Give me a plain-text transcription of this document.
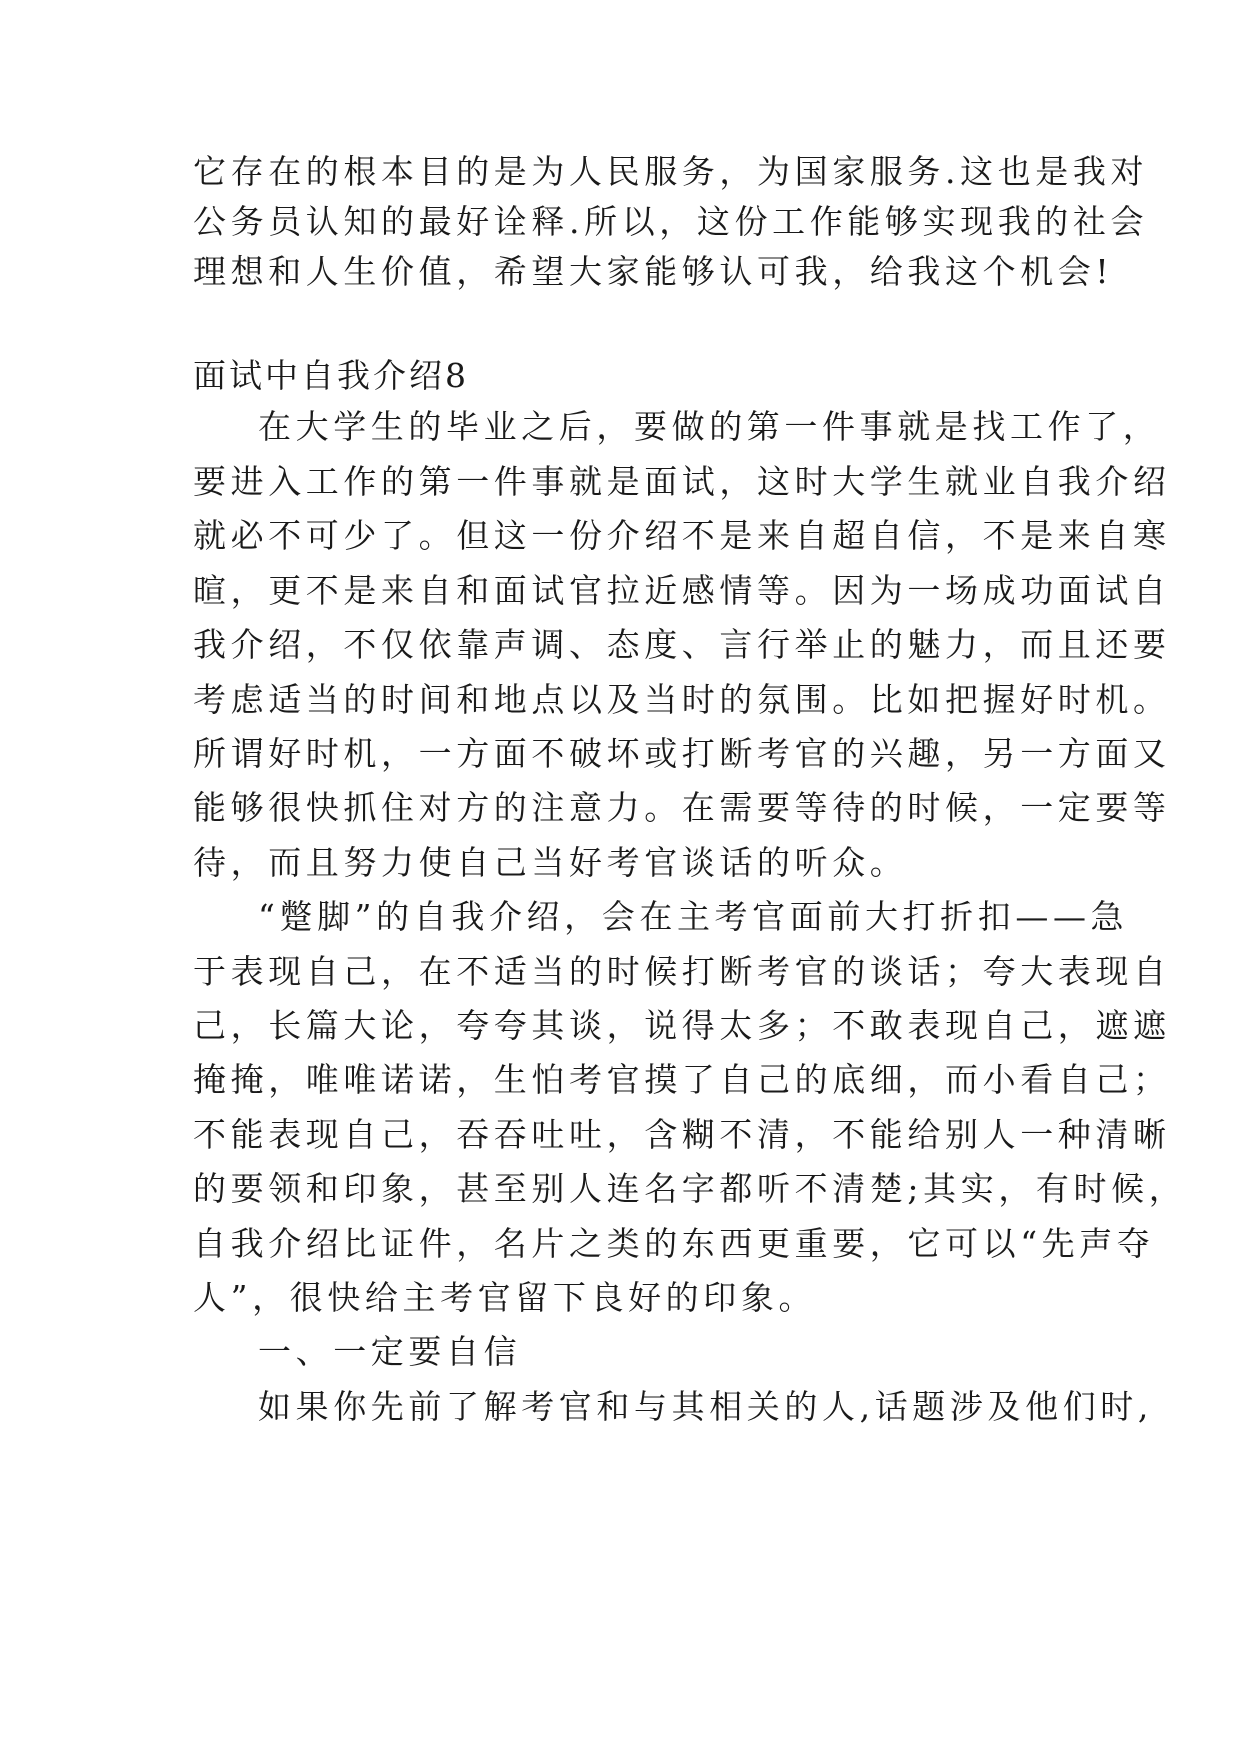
它存在的根本目的是为人民服务，为国家服务.这也是我对

公务员认知的最好诠释.所以，这份工作能够实现我的社会

理想和人生价值，希望大家能够认可我，给我这个机会!

面试中自我介绍8

在大学生的毕业之后，要做的第一件事就是找工作了，

要进入工作的第一件事就是面试，这时大学生就业自我介绍

就必不可少了。但这一份介绍不是来自超自信，不是来自寒

暄，更不是来自和面试官拉近感情等。因为一场成功面试自

我介绍，不仅依靠声调、态度、言行举止的魅力，而且还要

考虑适当的时间和地点以及当时的氛围。比如把握好时机。

所谓好时机，一方面不破坏或打断考官的兴趣，另一方面又

能够很快抓住对方的注意力。在需要等待的时候，一定要等

待，而且努力使自己当好考官谈话的听众。

“蹩脚”的自我介绍，会在主考官面前大打折扣——急

于表现自己，在不适当的时候打断考官的谈话；夸大表现自

己，长篇大论，夸夸其谈，说得太多；不敢表现自己，遮遮

掩掩，唯唯诺诺，生怕考官摸了自己的底细，而小看自己；

不能表现自己，吞吞吐吐，含糊不清，不能给别人一种清晰

的要领和印象，甚至别人连名字都听不清楚;其实，有时候，

自我介绍比证件，名片之类的东西更重要，它可以“先声夺

人”，很快给主考官留下良好的印象。

一、一定要自信

如果你先前了解考官和与其相关的人,话题涉及他们时,
